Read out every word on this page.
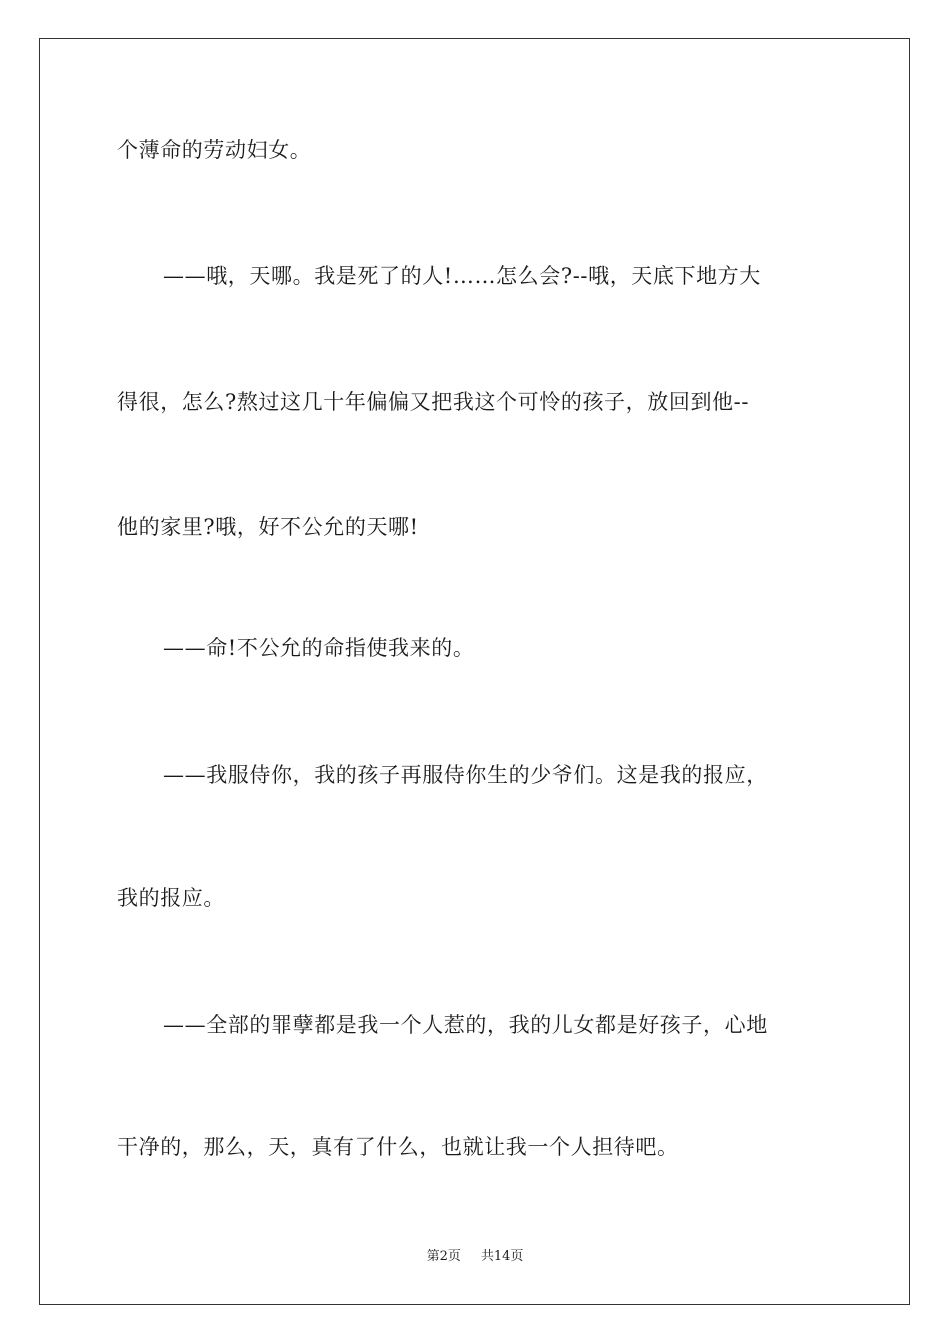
个薄命的劳动妇女。
——哦，天哪。我是死了的人!……怎么会?--哦，天底下地方大
得很，怎么?熬过这几十年偏偏又把我这个可怜的孩子，放回到他--
他的家里?哦，好不公允的天哪!
——命!不公允的命指使我来的。
——我服侍你，我的孩子再服侍你生的少爷们。这是我的报应，
我的报应。
——全部的罪孽都是我一个人惹的，我的儿女都是好孩子，心地
干净的，那么，天，真有了什么，也就让我一个人担待吧。
第2页 共14页
